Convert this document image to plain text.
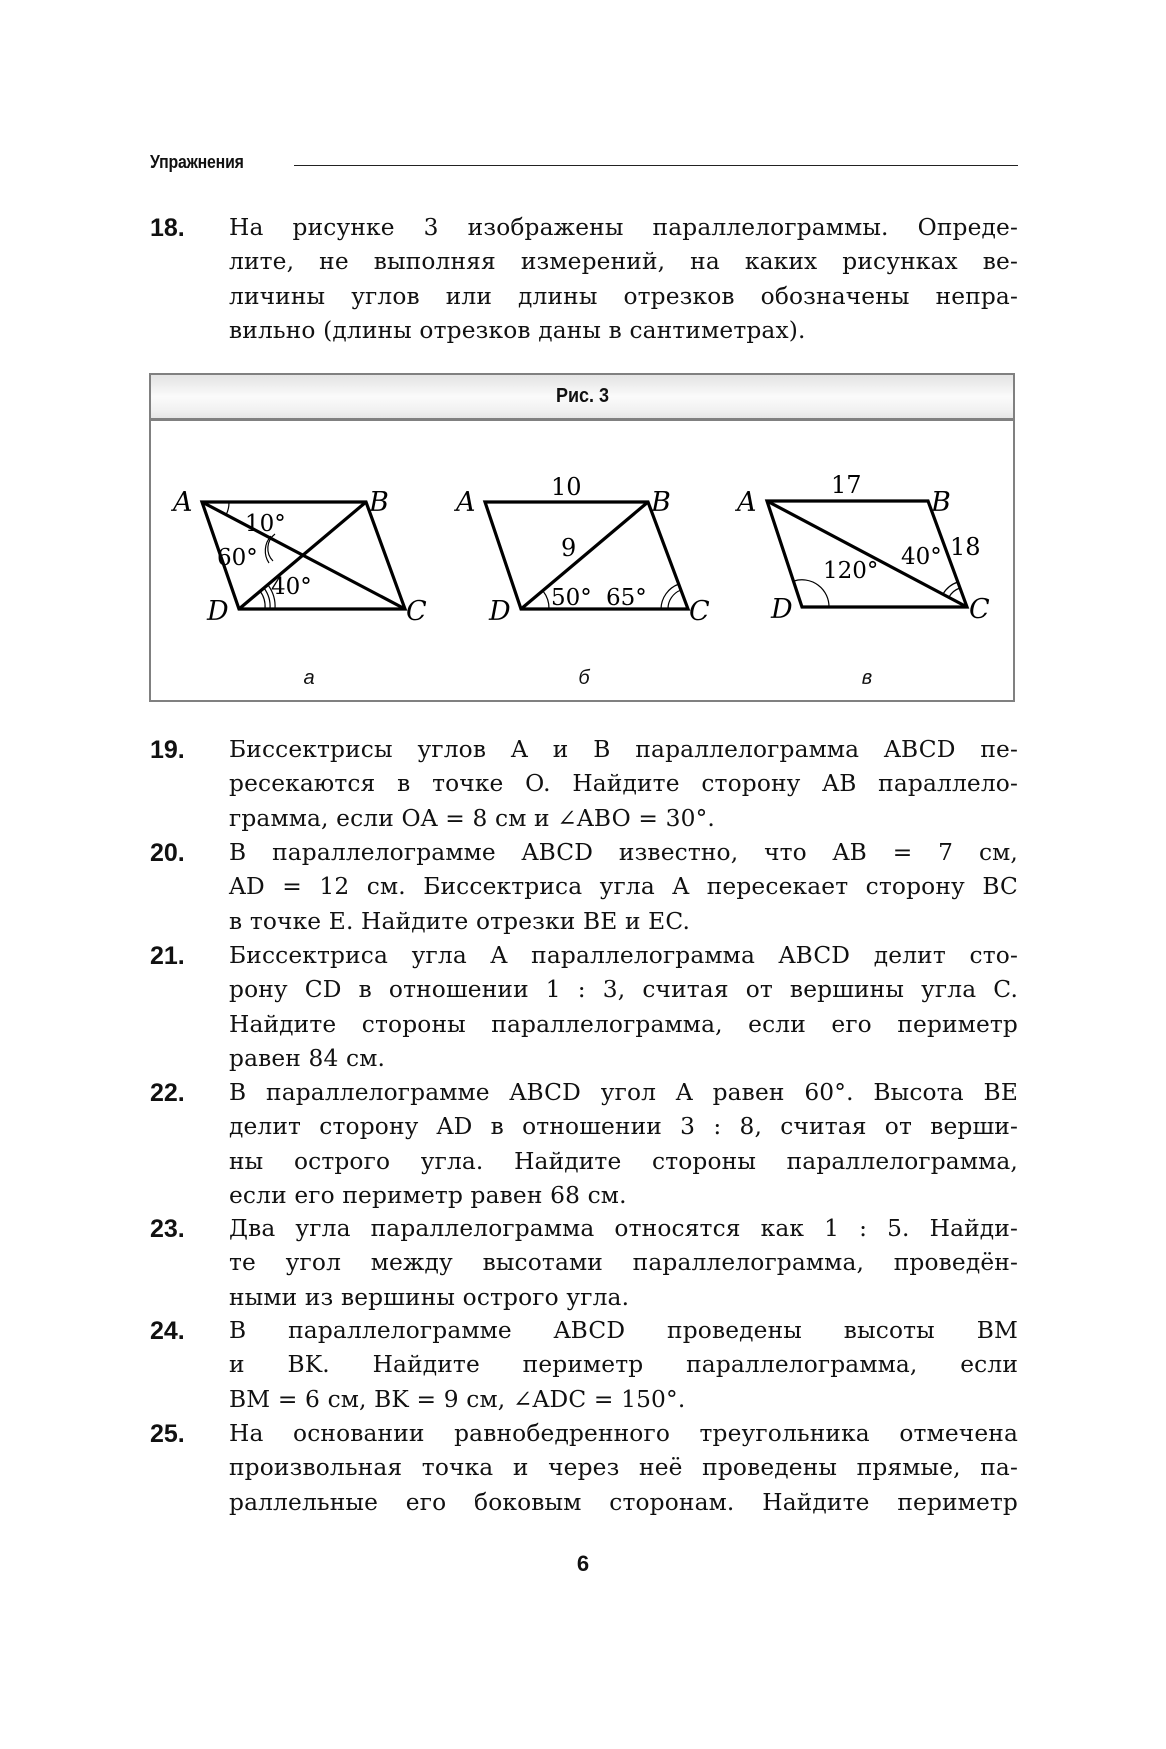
Упражнения
18. На рисунке 3 изображены параллелограммы. Опреде-
лите, не выполняя измерений, на каких рисунках ве-
личины углов или длины отрезков обозначены непра-
вильно (длины отрезков даны в сантиметрах).
Рис. 3
A	B
C
D
10°
60°
40°
A	B
C
D
10
9
50° 65°
A	B
C
D
17
18
120°
40°
а	б	в
19. Биссектрисы углов A и B параллелограмма ABCD пе-
ресекаются в точке O. Найдите сторону AB параллело-
грамма, если OA = 8 см и ∠ABO = 30°.
20. В параллелограмме ABCD известно, что AB = 7 см,
AD = 12 см. Биссектриса угла A пересекает сторону BC
в точке E. Найдите отрезки BE и EC.
21. Биссектриса угла A параллелограмма ABCD делит сто-
рону CD в отношении 1 : 3, считая от вершины угла C.
Найдите стороны параллелограмма, если его периметр
равен 84 см.
22. В параллелограмме ABCD угол A равен 60°. Высота BE
делит сторону AD в отношении 3 : 8, считая от верши-
ны острого угла. Найдите стороны параллелограмма,
если его периметр равен 68 см.
23. Два угла параллелограмма относятся как 1 : 5. Найди-
те угол между высотами параллелограмма, проведён-
ными из вершины острого угла.
24. В параллелограмме ABCD проведены высоты BM
и BK. Найдите периметр параллелограмма, если
BM = 6 см, BK = 9 см, ∠ADC = 150°.
25. На основании равнобедренного треугольника отмечена
произвольная точка и через неё проведены прямые, па-
раллельные его боковым сторонам. Найдите периметр
6
